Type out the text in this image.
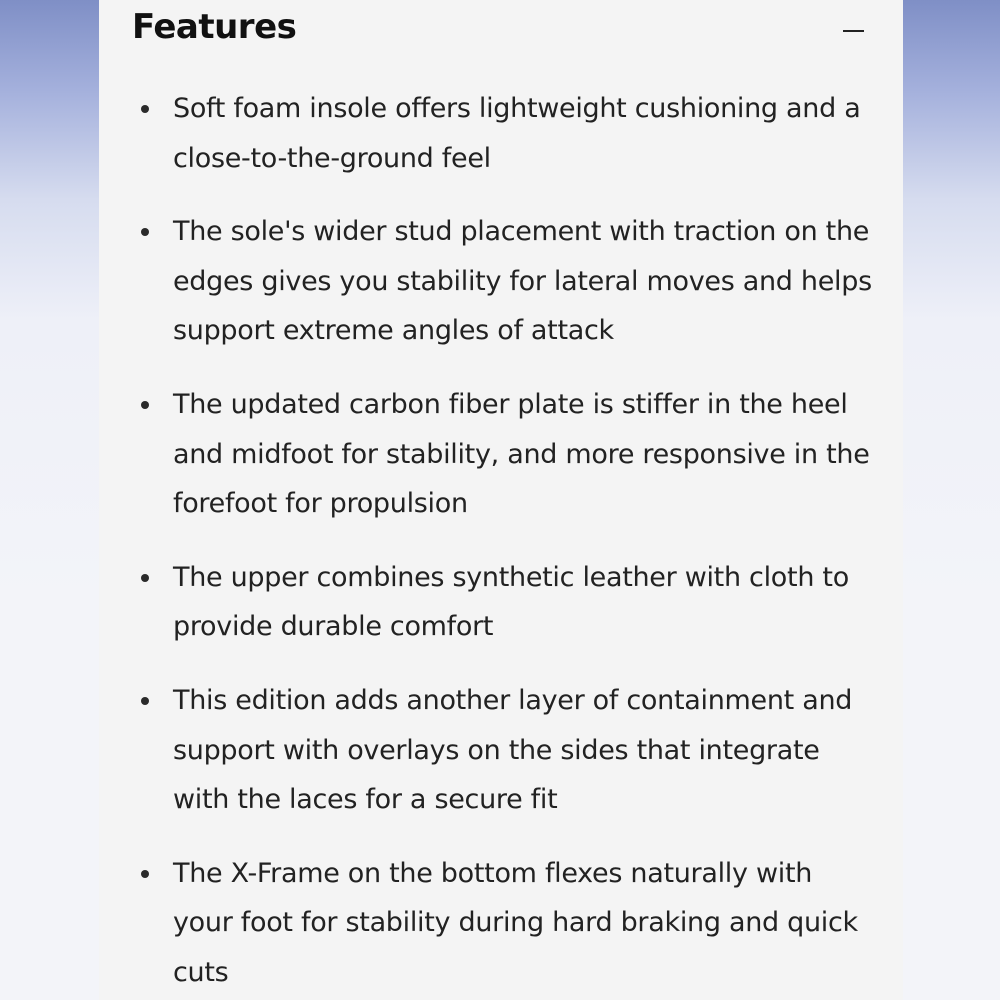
Features
Soft foam insole offers lightweight cushioning and a close-to-the-ground feel
The sole's wider stud placement with traction on the edges gives you stability for lateral moves and helps support extreme angles of attack
The updated carbon fiber plate is stiffer in the heel and midfoot for stability, and more responsive in the forefoot for propulsion
The upper combines synthetic leather with cloth to provide durable comfort
This edition adds another layer of containment and support with overlays on the sides that integrate with the laces for a secure fit
The X-Frame on the bottom flexes naturally with your foot for stability during hard braking and quick cuts
